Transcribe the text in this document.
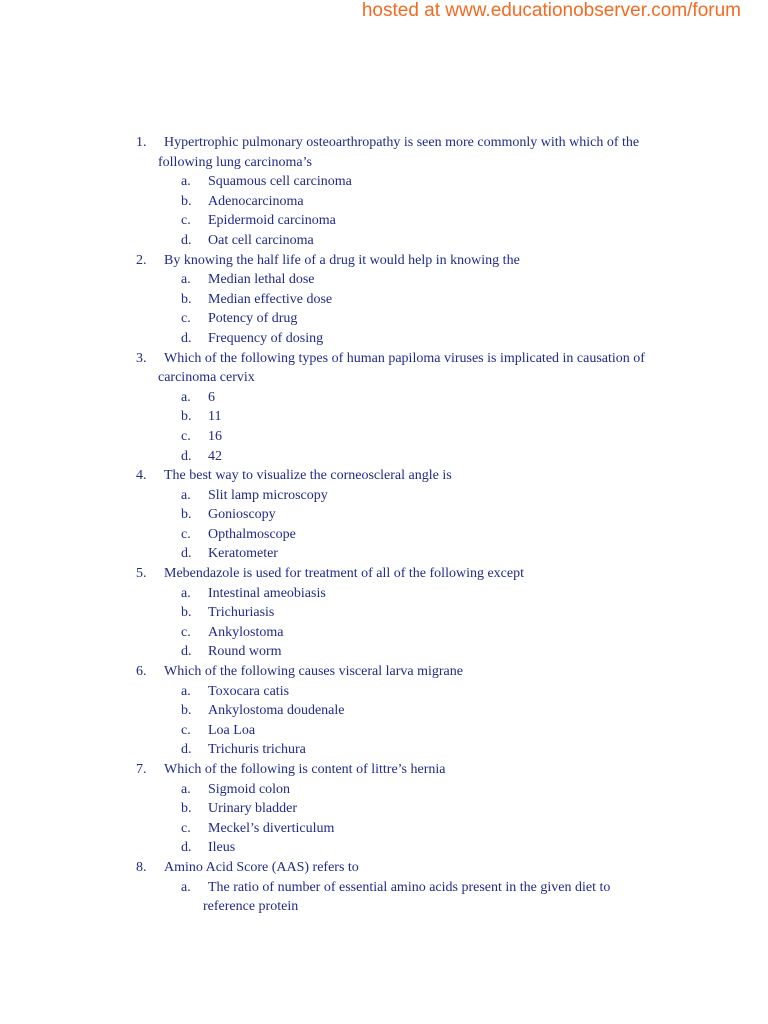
hosted at www.educationobserver.com/forum
1.	Hypertrophic pulmonary osteoarthropathy is seen more commonly with which of the following lung carcinoma’s
a. Squamous cell carcinoma
b. Adenocarcinoma
c. Epidermoid carcinoma
d. Oat cell carcinoma
2.	By knowing the half life of a drug it would help in knowing the
a. Median lethal dose
b. Median effective dose
c. Potency of drug
d. Frequency of dosing
3.	Which of the following types of human papiloma viruses is implicated in causation of carcinoma cervix
a. 6
b. 11
c. 16
d. 42
4.	The best way to visualize the corneoscleral angle is
a. Slit lamp microscopy
b. Gonioscopy
c. Opthalmoscope
d. Keratometer
5.	Mebendazole is used for treatment of all of the following except
a. Intestinal ameobiasis
b. Trichuriasis
c. Ankylostoma
d. Round worm
6.	Which of the following causes visceral larva migrane
a. Toxocara catis
b. Ankylostoma doudenale
c. Loa Loa
d. Trichuris trichura
7.	Which of the following is content of littre’s hernia
a. Sigmoid colon
b. Urinary bladder
c. Meckel’s diverticulum
d. Ileus
8.	Amino Acid Score (AAS) refers to
a.	The ratio of number of essential amino acids present in the given diet to reference protein
